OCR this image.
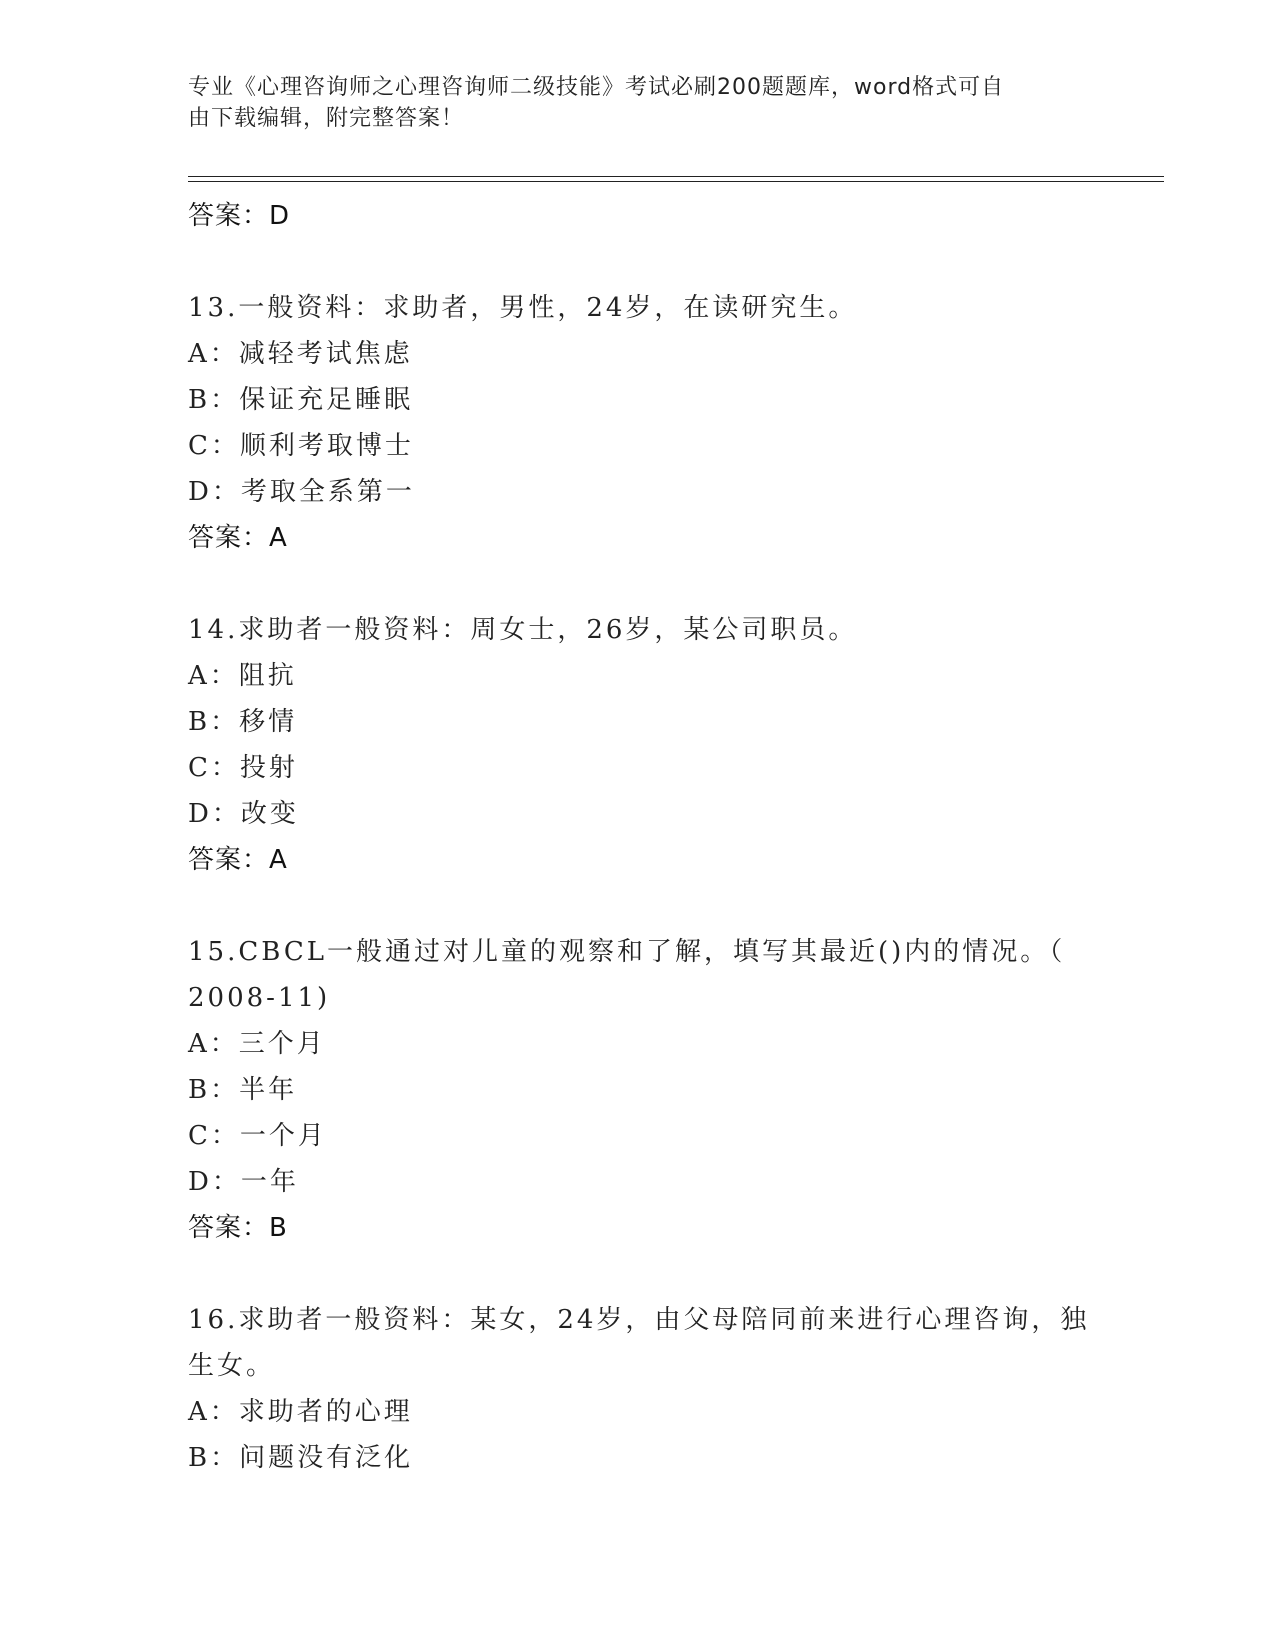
专业《心理咨询师之心理咨询师二级技能》考试必刷200题题库，word格式可自

由下载编辑，附完整答案！

答案：D
13.一般资料：求助者，男性，24岁，在读研究生。
A：减轻考试焦虑
B：保证充足睡眠
C：顺利考取博士
D：考取全系第一
答案：A
14.求助者一般资料：周女士，26岁，某公司职员。
A：阻抗
B：移情
C：投射
D：改变
答案：A
15.CBCL一般通过对儿童的观察和了解，填写其最近()内的情况。（
2008-11)
A：三个月
B：半年
C：一个月
D：一年
答案：B
16.求助者一般资料：某女，24岁，由父母陪同前来进行心理咨询，独
生女。
A：求助者的心理
B：问题没有泛化
